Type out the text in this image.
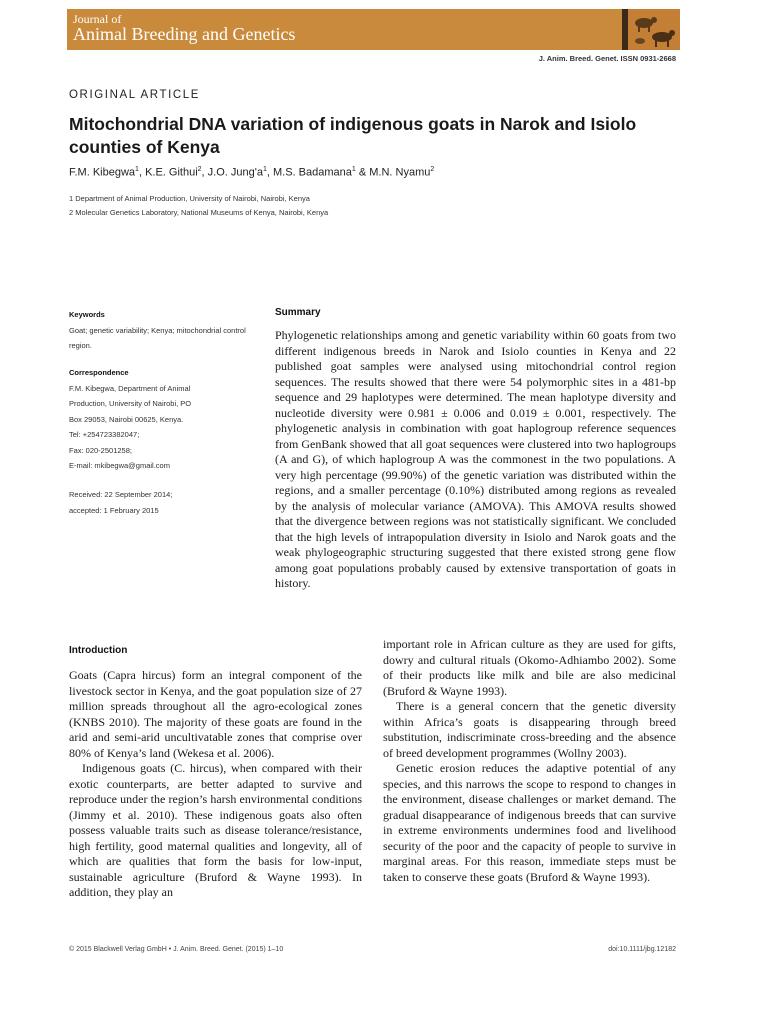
Journal of
Animal Breeding and Genetics
J. Anim. Breed. Genet. ISSN 0931-2668
ORIGINAL ARTICLE
Mitochondrial DNA variation of indigenous goats in Narok and Isiolo counties of Kenya
F.M. Kibegwa$^1$, K.E. Githui$^2$, J.O. $Jung'a^1$, M.S. Badamana$^1$ & M.N. Nyamu$^2$
1 Department of Animal Production, University of Nairobi, Nairobi, Kenya
2 Molecular Genetics Laboratory, National Museums of Kenya, Nairobi, Kenya
Keywords
Goat; genetic variability; Kenya; mitochondrial control region.
Correspondence
F.M. Kibegwa, Department of Animal
Production, University of Nairobi, PO
Box 29053, Nairobi 00625, Kenya.
Tel: +254723382047;
Fax: 020-2501258;
E-mail: mkibegwa@gmail.com
Received: 22 September 2014;
accepted: 1 February 2015
Summary

Phylogenetic relationships among and genetic variability within 60 goats from two different indigenous breeds in Narok and Isiolo counties in Kenya and 22 published goat samples were analysed using mitochondrial control region sequences. The results showed that there were 54 polymorphic sites in a 481-bp sequence and 29 haplotypes were determined. The mean haplotype diversity and nucleotide diversity were 0.981 ± 0.006 and 0.019 ± 0.001, respectively. The phylogenetic analysis in combination with goat haplogroup reference sequences from GenBank showed that all goat sequences were clustered into two haplogroups (A and G), of which haplogroup A was the commonest in the two populations. A very high percentage (99.90%) of the genetic variation was distributed within the regions, and a smaller percentage (0.10%) distributed among regions as revealed by the analysis of molecular variance (AMOVA). This AMOVA results showed that the divergence between regions was not statistically significant. We concluded that the high levels of intrapopulation diversity in Isiolo and Narok goats and the weak phylogeographic structuring suggested that there existed strong gene flow among goat populations probably caused by extensive transportation of goats in history.

Introduction

Goats (Capra hircus) form an integral component of the livestock sector in Kenya, and the goat population size of 27 million spreads throughout all the agro-ecological zones (KNBS 2010). The majority of these goats are found in the arid and semi-arid uncultivatable zones that comprise over 80% of Kenya’s land (Wekesa et al. 2006).

Indigenous goats (C. hircus), when compared with their exotic counterparts, are better adapted to survive and reproduce under the region’s harsh environmental conditions (Jimmy et al. 2010). These indigenous goats also often possess valuable traits such as disease tolerance/resistance, high fertility, good maternal qualities and longevity, all of which are qualities that form the basis for low-input, sustainable agriculture (Bruford & Wayne 1993). In addition, they play an

important role in African culture as they are used for gifts, dowry and cultural rituals (Okomo-Adhiambo 2002). Some of their products like milk and bile are also medicinal (Bruford & Wayne 1993).

There is a general concern that the genetic diversity within Africa’s goats is disappearing through breed substitution, indiscriminate cross-breeding and the absence of breed development programmes (Wollny 2003).

Genetic erosion reduces the adaptive potential of any species, and this narrows the scope to respond to changes in the environment, disease challenges or market demand. The gradual disappearance of indigenous breeds that can survive in extreme environments undermines food and livelihood security of the poor and the capacity of people to survive in marginal areas. For this reason, immediate steps must be taken to conserve these goats (Bruford & Wayne 1993).

© 2015 Blackwell Verlag GmbH • J. Anim. Breed. Genet. (2015) 1–10	doi:10.1111/jbg.12182
